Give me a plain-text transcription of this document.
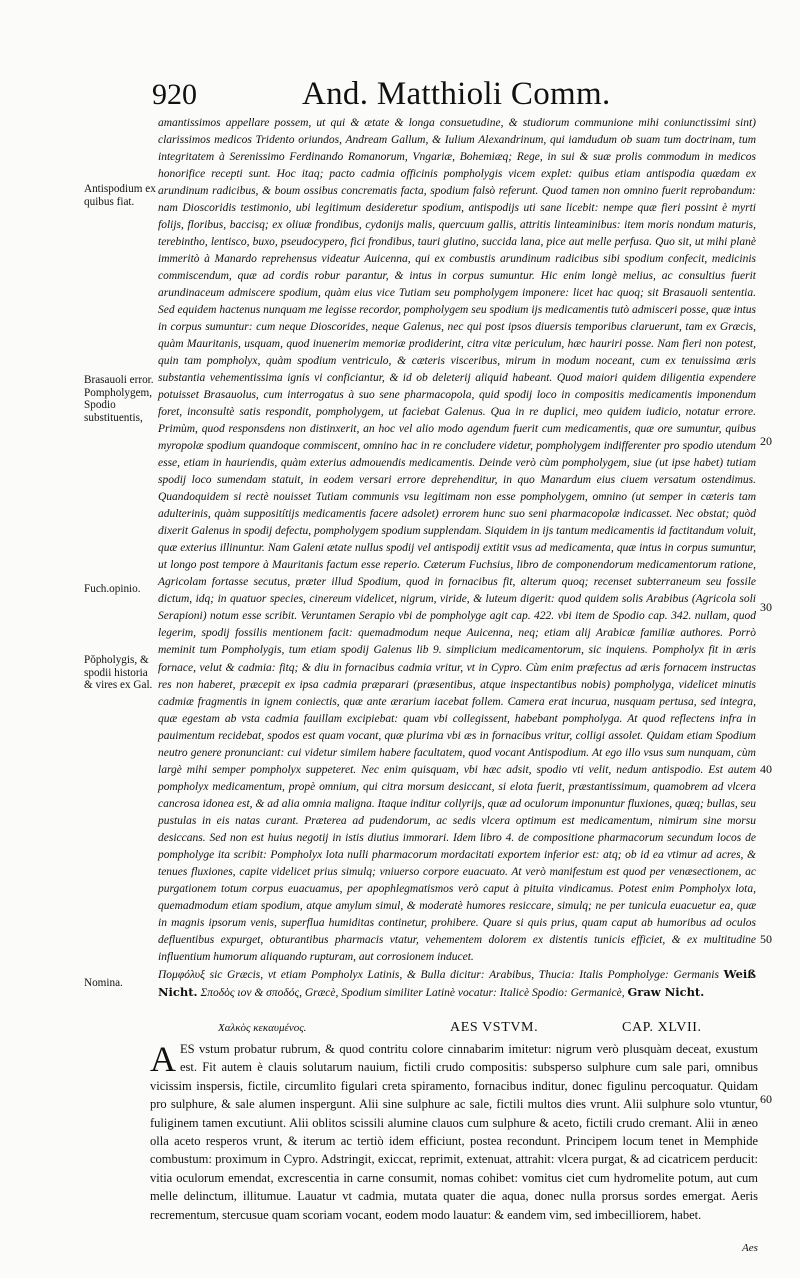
920	And. Matthioli Comm.
Antispodium ex quibus fiat.
Brasauoli error. Pompholygem, Spodio substituentis,
Fuch.opinio.
Pŏpholygis, & spodii historia & vires ex Gal.
Nomina.
20
30
40
50
60

amantissimos appellare possem, ut qui & ætate & longa consuetudine, & studiorum communione mihi coniunctissimi sint) clarissimos medicos Tridento oriundos, Andream Gallum, & Iulium Alexandrinum, qui iamdudum ob suam tum doctrinam, tum integritatem à Serenissimo Ferdinando Romanorum, Vngariæ, Bohemiæq; Rege, in sui & suæ prolis commodum in medicos honorifice recepti sunt. Hoc itaq; pacto cadmia officinis pompholygis vicem explet: quibus etiam antispodia quædam ex arundinum radicibus, & boum ossibus concrematis facta, spodium falsò referunt. Quod tamen non omnino fuerit reprobandum: nam Dioscoridis testimonio, ubi legitimum desideretur spodium, antispodijs uti sane licebit: nempe quæ fieri possint è myrti folijs, floribus, baccisq; ex oliuæ frondibus, cydonijs malis, quercuum gallis, attritis linteaminibus: item moris nondum maturis, terebintho, lentisco, buxo, pseudocypero, fici frondibus, tauri glutino, succida lana, pice aut melle perfusa. Quo sit, ut mihi planè immeritò à Manardo reprehensus videatur Auicenna, qui ex combustis arundinum radicibus sibi spodium confecit, medicinis commiscendum, quæ ad cordis robur parantur, & intus in corpus sumuntur. Hic enim longè melius, ac consultius fuerit arundinaceum admiscere spodium, quàm eius vice Tutiam seu pompholygem imponere: licet hac quoq; sit Brasauoli sententia. Sed equidem hactenus nunquam me legisse recordor, pompholygem seu spodium ijs medicamentis tutò admisceri posse, quæ intus in corpus sumuntur: cum neque Dioscorides, neque Galenus, nec qui post ipsos diuersis temporibus claruerunt, tam ex Græcis, quàm Mauritanis, usquam, quod inuenerim memoriæ prodiderint, citra vitæ periculum, hæc hauriri posse. Nam fieri non potest, quin tam pompholyx, quàm spodium ventriculo, & cæteris visceribus, mirum in modum noceant, cum ex tenuissima æris substantia vehementissima ignis vi conficiantur, & id ob deleterij aliquid habeant. Quod maiori quidem diligentia expendere potuisset Brasauolus, cum interrogatus à suo sene pharmacopola, quid spodij loco in compositis medicamentis imponendum foret, inconsultè satis respondit, pompholygem, ut faciebat Galenus. Qua in re duplici, meo quidem iudicio, notatur errore. Primùm, quod responsdens non distinxerit, an hoc vel alio modo agendum fuerit cum medicamentis, quæ ore sumuntur, quibus myropolæ spodium quandoque commiscent, omnino hac in re concludere videtur, pompholygem indifferenter pro spodio utendum esse, etiam in hauriendis, quàm exterius admouendis medicamentis. Deinde verò cùm pompholygem, siue (ut ipse habet) tutiam spodij loco sumendam statuit, in eodem versari errore deprehenditur, in quo Manardum eius ciuem versatum ostendimus. Quandoquidem si rectè nouisset Tutiam communis vsu legitimam non esse pompholygem, omnino (ut semper in cæteris tam adulterinis, quàm suppositítijs medicamentis facere adsolet) errorem hunc suo seni pharmacopolæ indicasset. Nec obstat; quòd dixerit Galenus in spodij defectu, pompholygem spodium supplendam. Siquidem in ijs tantum medicamentis id factitandum voluit, quæ exterius illinuntur. Nam Galeni ætate nullus spodij vel antispodij extitit vsus ad medicamenta, quæ intus in corpus sumuntur, ut longo post tempore à Mauritanis factum esse reperio. Cæterum Fuchsius, libro de componendorum medicamentorum ratione, Agricolam fortasse secutus, præter illud Spodium, quod in fornacibus fit, alterum quoq; recenset subterraneum seu fossile dictum, idq; in quatuor species, cinereum videlicet, nigrum, viride, & luteum digerit: quod quidem solis Arabibus (Agricola soli Serapioni) notum esse scribit. Veruntamen Serapio vbi de pompholyge agit cap. 422. vbi item de Spodio cap. 342. nullam, quod legerim, spodij fossilis mentionem facit: quemadmodum neque Auicenna, neq; etiam alij Arabicæ familiæ authores. Porrò meminit tum Pompholygis, tum etiam spodij Galenus lib 9. simplicium medicamentorum, sic inquiens. Pompholyx fit in æris fornace, velut & cadmia: fitq; & diu in fornacibus cadmia vritur, vt in Cypro. Cùm enim præfectus ad æris fornacem instructas res non haberet, præcepit ex ipsa cadmia præparari (præsentibus, atque inspectantibus nobis) pompholyga, videlicet minutis cadmiæ fragmentis in ignem coniectis, quæ ante ærarium iacebat follem. Camera erat incurua, nusquam pertusa, sed integra, quæ egestam ab vsta cadmia fauillam excipiebat: quam vbi collegissent, habebant pompholyga. At quod reflectens infra in pauimentum recidebat, spodos est quam vocant, quæ plurima vbi æs in fornacibus vritur, colligi assolet. Quidam etiam Spodium neutro genere pronunciant: cui videtur similem habere facultatem, quod vocant Antispodium. At ego illo vsus sum nunquam, cùm largè mihi semper pompholyx suppeteret. Nec enim quisquam, vbi hæc adsit, spodio vti velit, nedum antispodio. Est autem pompholyx medicamentum, propè omnium, qui citra morsum desiccant, si elota fuerit, præstantissimum, quamobrem ad vlcera cancrosa idonea est, & ad alia omnia maligna. Itaque inditur collyrijs, quæ ad oculorum imponuntur fluxiones, quæq; bullas, seu pustulas in eis natas curant. Præterea ad pudendorum, ac sedis vlcera optimum est medicamentum, nimirum sine morsu desiccans. Sed non est huius negotij in istis diutius immorari. Idem libro 4. de compositione pharmacorum secundum locos de pompholyge ita scribit: Pompholyx lota nulli pharmacorum mordacitati exportem inferior est: atq; ob id ea vtimur ad acres, & tenues fluxiones, capite videlicet prius simulq; vniuerso corpore euacuato. At verò manifestum est quod per venæsectionem, ac purgationem totum corpus euacuamus, per apophlegmatismos verò caput à pituita vindicamus. Potest enim Pompholyx lota, quemadmodum etiam spodium, atque amylum simul, & moderatè humores resiccare, simulq; ne per tunicula euacuetur ea, quæ in magnis ipsorum venis, superflua humiditas continetur, prohibere. Quare si quis prius, quam caput ab humoribus ad oculos defluentibus expurget, obturantibus pharmacis vtatur, vehementem dolorem ex distentis tunicis efficiet, & ex multitudine influentium humorum aliquando rupturam, aut corrosionem inducet.

Πομφόλυξ sic Græcis, vt etiam Pompholyx Latinis, & Bulla dicitur: Arabibus, Thucia: Italis Pompholyge: Germanis Weiß Nicht. Σποδὸς ιον & σποδός, Græcè, Spodium similiter Latinè vocatur: Italicè Spodio: Germanicè, Graw Nicht.

Χαλκὸς κεκαυμένος.	AES VSTVM.	CAP. XLVII.

AES vstum probatur rubrum, & quod contritu colore cinnabarim imitetur: nigrum verò plusquàm deceat, exustum est. Fit autem è clauis solutarum nauium, fictili crudo compositis: subsperso sulphure cum sale pari, omnibus vicissim inspersis, fictile, circumlito figulari creta spiramento, fornacibus inditur, donec figulinu percoquatur. Quidam pro sulphure, & sale alumen inspergunt. Alii sine sulphure ac sale, fictili multos dies vrunt. Alii sulphure solo vtuntur, fuliginem tamen excutiunt. Alii oblitos scissili alumine clauos cum sulphure & aceto, fictili crudo cremant. Alii in æneo olla aceto resperos vrunt, & iterum ac tertiò idem efficiunt, postea recondunt. Principem locum tenet in Memphide combustum: proximum in Cypro. Adstringit, exiccat, reprimit, extenuat, attrahit: vlcera purgat, & ad cicatricem perducit: vitia oculorum emendat, excrescentia in carne consumit, nomas cohibet: vomitus ciet cum hydromelite potum, aut cum melle delinctum, illitumue. Lauatur vt cadmia, mutata quater die aqua, donec nulla prorsus sordes emergat. Aeris recrementum, stercusue quam scoriam vocant, eodem modo lauatur: & eandem vim, sed imbecilliorem, habet.

Aes
